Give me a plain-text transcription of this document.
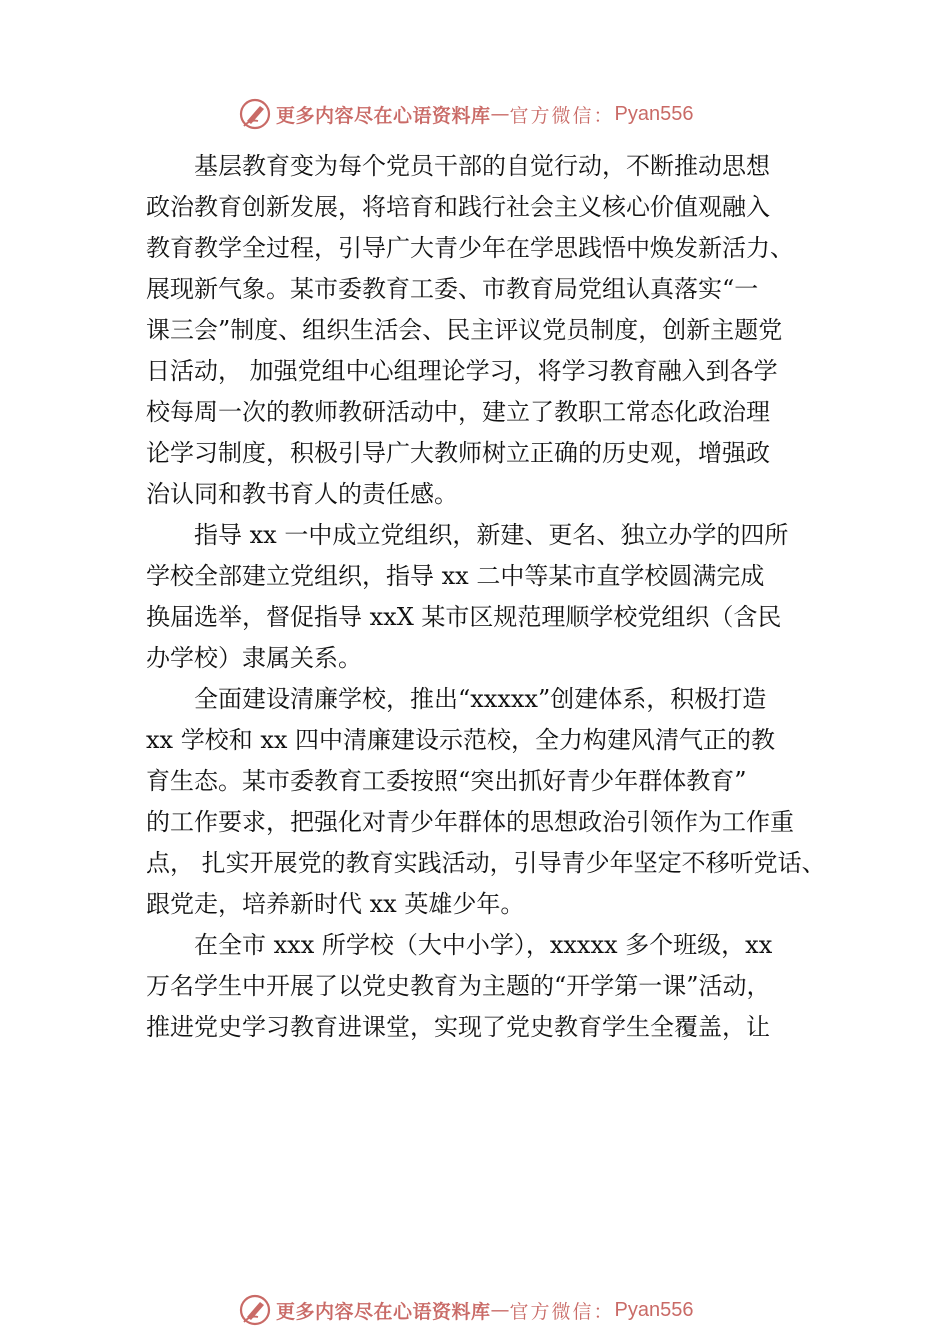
更多内容尽在心语资料库 — 官方微信： Pyan556
　　基层教育变为每个党员干部的自觉行动，不断推动思想
政治教育创新发展，将培育和践行社会主义核心价值观融入
教育教学全过程，引导广大青少年在学思践悟中焕发新活力、
展现新气象。某市委教育工委、市教育局党组认真落实“一
课三会”制度、组织生活会、民主评议党员制度，创新主题党
日活动， 加强党组中心组理论学习，将学习教育融入到各学
校每周一次的教师教研活动中，建立了教职工常态化政治理
论学习制度，积极引导广大教师树立正确的历史观，增强政
治认同和教书育人的责任感。
　　指导 xx 一中成立党组织，新建、更名、独立办学的四所
学校全部建立党组织，指导 xx 二中等某市直学校圆满完成
换届选举，督促指导 xxX 某市区规范理顺学校党组织（含民
办学校）隶属关系。
　　全面建设清廉学校，推出“xxxxx”创建体系，积极打造
xx 学校和 xx 四中清廉建设示范校，全力构建风清气正的教
育生态。某市委教育工委按照“突出抓好青少年群体教育”
的工作要求，把强化对青少年群体的思想政治引领作为工作重
点， 扎实开展党的教育实践活动，引导青少年坚定不移听党话、
跟党走，培养新时代 xx 英雄少年。
　　在全市 xxx 所学校（大中小学），xxxxx 多个班级，xx
万名学生中开展了以党史教育为主题的“开学第一课”活动，
推进党史学习教育进课堂，实现了党史教育学生全覆盖，让
更多内容尽在心语资料库 — 官方微信： Pyan556
